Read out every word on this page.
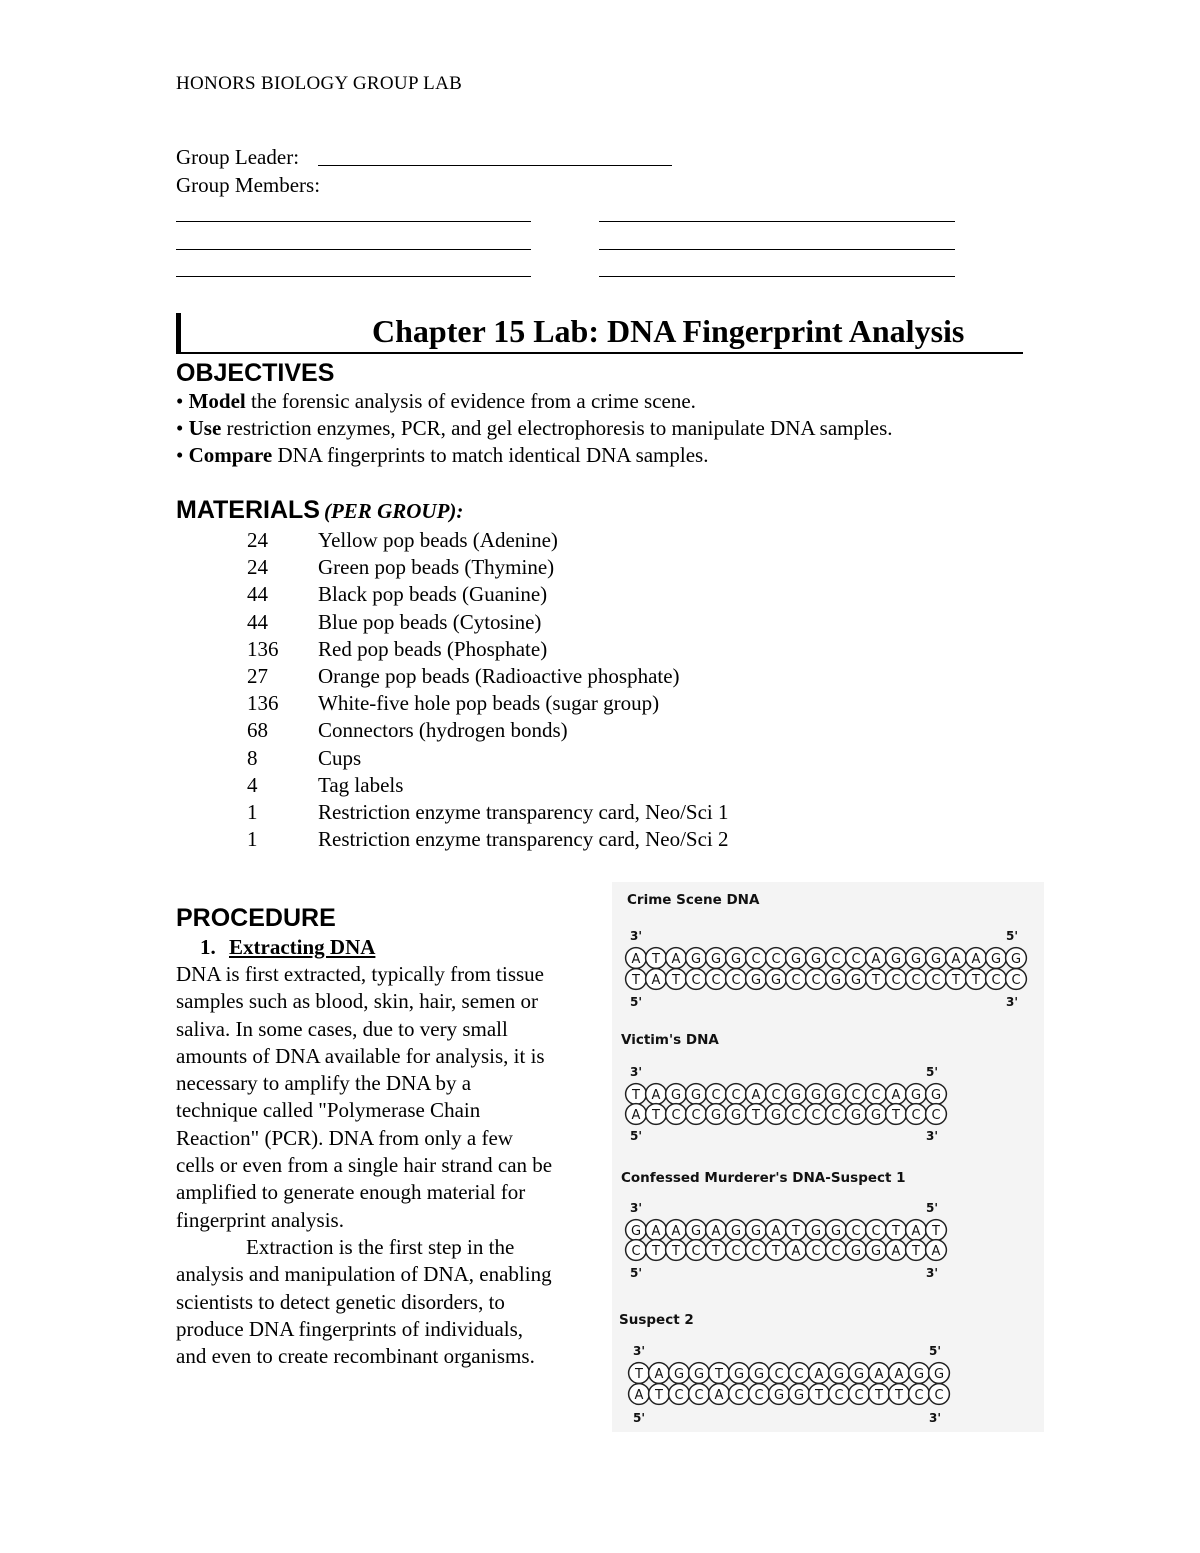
HONORS BIOLOGY GROUP LAB
Group Leader:
Group Members:
Chapter 15 Lab: DNA Fingerprint Analysis
OBJECTIVES
• Model the forensic analysis of evidence from a crime scene.
• Use restriction enzymes, PCR, and gel electrophoresis to manipulate DNA samples.
• Compare DNA fingerprints to match identical DNA samples.
MATERIALS (PER GROUP):
24 Yellow pop beads (Adenine)
24 Green pop beads (Thymine)
44 Black pop beads (Guanine)
44 Blue pop beads (Cytosine)
136 Red pop beads (Phosphate)
27 Orange pop beads (Radioactive phosphate)
136 White-five hole pop beads (sugar group)
68 Connectors (hydrogen bonds)
8	Cups
4	Tag labels
1	Restriction enzyme transparency card, Neo/Sci 1
1	Restriction enzyme transparency card, Neo/Sci 2
PROCEDURE
1. Extracting DNA

DNA is first extracted, typically from tissue

samples such as blood, skin, hair, semen or

saliva. In some cases, due to very small

amounts of DNA available for analysis, it is

necessary to amplify the DNA by a

technique called "Polymerase Chain

Reaction" (PCR). DNA from only a few

cells or even from a single hair strand can be

amplified to generate enough material for

fingerprint analysis.

Extraction is the first step in the

analysis and manipulation of DNA, enabling

scientists to detect genetic disorders, to

produce DNA fingerprints of individuals,

and even to create recombinant organisms.

Crime Scene DNA
3'	5'
5'	3'
A T A G G G C C G G C C A G G G A A G G
T A T C C C G G C C G G T C C C T T C C
Victim's DNA
3'	5'
5'	3'
T A G G C C A C G G G C C A G G
A T C C G G T G C C C G G T C C
Confessed Murderer's DNA-Suspect 1
3'	5'
5'	3'
G A A G A G G A T G G C C T A T
C T T C T C C T A C C G G A T A
Suspect 2
3'	5'
5'	3'
T A G G T G G C C A G G A A G G
A T C C A C C G G T C C T T C C
